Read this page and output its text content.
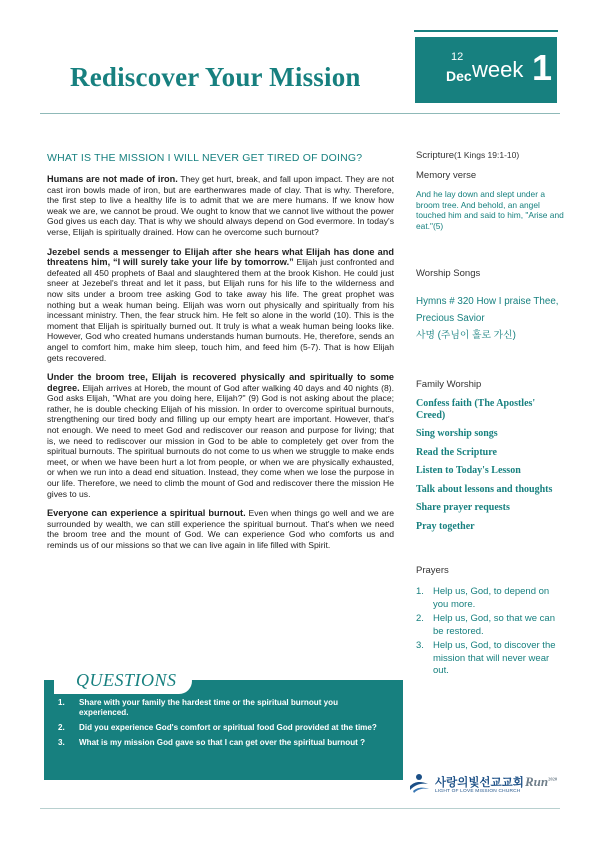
Rediscover Your Mission
12
Dec week 1
WHAT IS THE MISSION I WILL NEVER GET TIRED OF DOING?

Humans are not made of iron. They get hurt, break, and fall upon impact. They are not cast iron bowls made of iron, but are earthenwares made of clay. That is why. Therefore, the first step to live a healthy life is to admit that we are mere humans. If we know how weak we are, we cannot be proud. We ought to know that we cannot live without the power God gives us each day. That is why we should always depend on God evermore. In today's verse, Elijah is spiritually drained. How can he overcome such burnout?

Jezebel sends a messenger to Elijah after she hears what Elijah has done and threatens him, “I will surely take your life by tomorrow.” Elijah just confronted and defeated all 450 prophets of Baal and slaughtered them at the brook Kishon. He could just sneer at Jezebel's threat and let it pass, but Elijah runs for his life to the wilderness and now sits under a broom tree asking God to take away his life. The great prophet was nothing but a weak human being. Elijah was worn out physically and spiritually from his incessant ministry. Then, the fear struck him. He felt so alone in the world (10). This is the moment that Elijah is spiritually burned out. It truly is what a weak human being looks like. However, God who created humans understands human burnouts. He, therefore, sends an angel to comfort him, make him sleep, touch him, and feed him (5-7). That is how Elijah gets recovered.

Under the broom tree, Elijah is recovered physically and spiritually to some degree. Elijah arrives at Horeb, the mount of God after walking 40 days and 40 nights (8). God asks Elijah, "What are you doing here, Elijah?" (9) God is not asking about the place; rather, he is double checking Elijah of his mission. In order to overcome spiritual burnouts, strengthening our tired body and filling up our empty heart are important. However, that's not enough. We need to meet God and rediscover our reason and purpose for living; that is, we need to rediscover our mission in God to be able to completely get over from the spiritual burnouts. The spiritual burnouts do not come to us when we struggle to make ends meet, or when we have been hurt a lot from people, or when we are physically exhausted, or when we run into a dead end situation. Instead, they come when we lose the purpose in our life. Therefore, we need to climb the mount of God and rediscover there the mission He gives to us.

Everyone can experience a spiritual burnout. Even when things go well and we are surrounded by wealth, we can still experience the spiritual burnout. That's when we need the broom tree and the mount of God. We can experience God who comforts us and reminds us of our missions so that we can live again in life filled with Spirit.

Scripture(1 Kings 19:1-10)

Memory verse

And he lay down and slept under a broom tree. And behold, an angel touched him and said to him, "Arise and eat."(5)

Worship Songs

Hymns # 320 How I praise Thee, Precious Savior
사명 (주님이 홀로 가신)

Family Worship

Confess faith (The Apostles' Creed)
Sing worship songs
Read the Scripture
Listen to Today's Lesson
Talk about lessons and thoughts
Share prayer requests
Pray together

Prayers

1. Help us, God, to depend on you more.
2. Help us, God, so that we can be restored.
3. Help us, God, to discover the mission that will never wear out.
QUESTIONS
1. Share with your family the hardest time or the spiritual burnout you experienced.
2. Did you experience God's comfort or spiritual food God provided at the time?
3. What is my mission God gave so that I can get over the spiritual burnout ?
사랑의빛선교교회
LIGHT OF LOVE MISSION CHURCH
Run$^{2020}$
